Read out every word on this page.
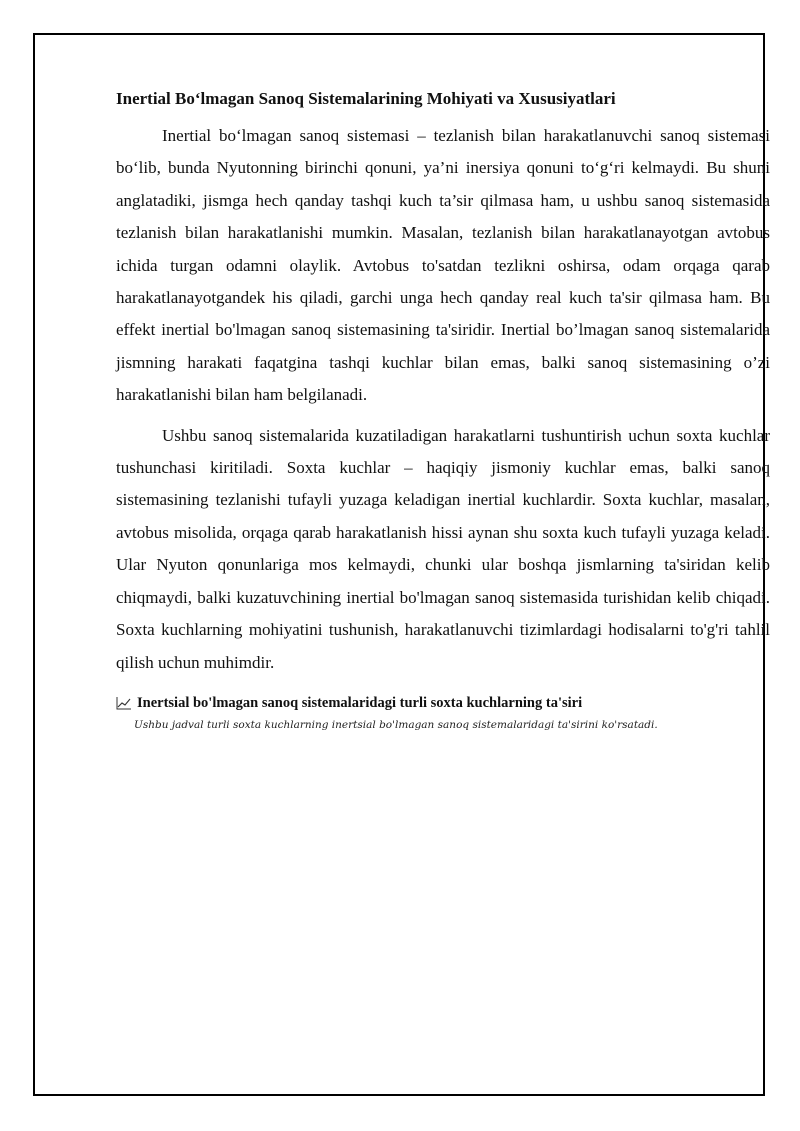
Inertial Bo‘lmagan Sanoq Sistemalarining Mohiyati va Xususiyatlari

Inertial bo‘lmagan sanoq sistemasi – tezlanish bilan harakatlanuvchi sanoq sistemasi bo‘lib, bunda Nyutonning birinchi qonuni, ya’ni inersiya qonuni to‘g‘ri kelmaydi. Bu shuni anglatadiki, jismga hech qanday tashqi kuch ta’sir qilmasa ham, u ushbu sanoq sistemasida tezlanish bilan harakatlanishi mumkin. Masalan, tezlanish bilan harakatlanayotgan avtobus ichida turgan odamni olaylik. Avtobus to'satdan tezlikni oshirsa, odam orqaga qarab harakatlanayotgandek his qiladi, garchi unga hech qanday real kuch ta'sir qilmasa ham. Bu effekt inertial bo'lmagan sanoq sistemasining ta'siridir. Inertial bo’lmagan sanoq sistemalarida jismning harakati faqatgina tashqi kuchlar bilan emas, balki sanoq sistemasining o’zi harakatlanishi bilan ham belgilanadi.

Ushbu sanoq sistemalarida kuzatiladigan harakatlarni tushuntirish uchun soxta kuchlar tushunchasi kiritiladi. Soxta kuchlar – haqiqiy jismoniy kuchlar emas, balki sanoq sistemasining tezlanishi tufayli yuzaga keladigan inertial kuchlardir. Soxta kuchlar, masalan, avtobus misolida, orqaga qarab harakatlanish hissi aynan shu soxta kuch tufayli yuzaga keladi. Ular Nyuton qonunlariga mos kelmaydi, chunki ular boshqa jismlarning ta'siridan kelib chiqmaydi, balki kuzatuvchining inertial bo'lmagan sanoq sistemasida turishidan kelib chiqadi. Soxta kuchlarning mohiyatini tushunish, harakatlanuvchi tizimlardagi hodisalarni to'g'ri tahlil qilish uchun muhimdir.

Inertsial bo'lmagan sanoq sistemalaridagi turli soxta kuchlarning ta'siri
Ushbu jadval turli soxta kuchlarning inertsial bo'lmagan sanoq sistemalaridagi ta'sirini ko'rsatadi.
